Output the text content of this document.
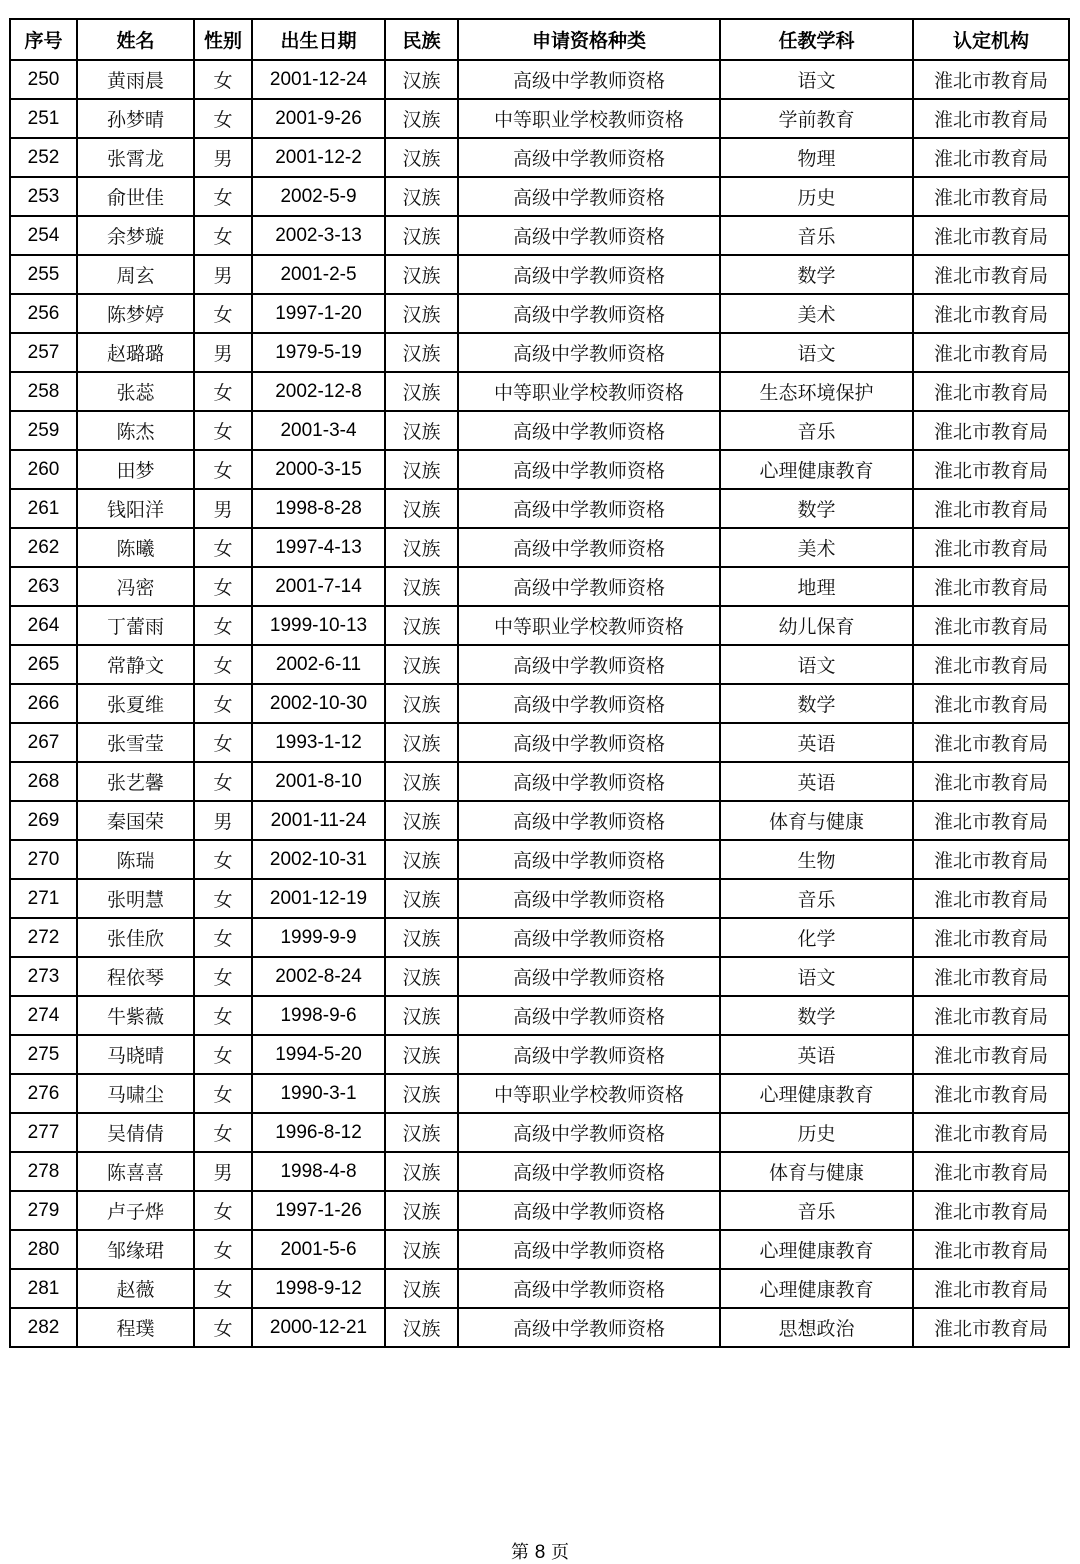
序号	姓名	性别	出生日期	民族	申请资格种类	任教学科	认定机构
250	黄雨晨	女	2001-12-24	汉族	高级中学教师资格	语文	淮北市教育局
251	孙梦晴	女	2001-9-26	汉族	中等职业学校教师资格	学前教育	淮北市教育局
252	张霄龙	男	2001-12-2	汉族	高级中学教师资格	物理	淮北市教育局
253	俞世佳	女	2002-5-9	汉族	高级中学教师资格	历史	淮北市教育局
254	余梦璇	女	2002-3-13	汉族	高级中学教师资格	音乐	淮北市教育局
255	周玄	男	2001-2-5	汉族	高级中学教师资格	数学	淮北市教育局
256	陈梦婷	女	1997-1-20	汉族	高级中学教师资格	美术	淮北市教育局
257	赵璐璐	男	1979-5-19	汉族	高级中学教师资格	语文	淮北市教育局
258	张蕊	女	2002-12-8	汉族	中等职业学校教师资格	生态环境保护	淮北市教育局
259	陈杰	女	2001-3-4	汉族	高级中学教师资格	音乐	淮北市教育局
260	田梦	女	2000-3-15	汉族	高级中学教师资格	心理健康教育	淮北市教育局
261	钱阳洋	男	1998-8-28	汉族	高级中学教师资格	数学	淮北市教育局
262	陈曦	女	1997-4-13	汉族	高级中学教师资格	美术	淮北市教育局
263	冯密	女	2001-7-14	汉族	高级中学教师资格	地理	淮北市教育局
264	丁蕾雨	女	1999-10-13	汉族	中等职业学校教师资格	幼儿保育	淮北市教育局
265	常静文	女	2002-6-11	汉族	高级中学教师资格	语文	淮北市教育局
266	张夏维	女	2002-10-30	汉族	高级中学教师资格	数学	淮北市教育局
267	张雪莹	女	1993-1-12	汉族	高级中学教师资格	英语	淮北市教育局
268	张艺馨	女	2001-8-10	汉族	高级中学教师资格	英语	淮北市教育局
269	秦国荣	男	2001-11-24	汉族	高级中学教师资格	体育与健康	淮北市教育局
270	陈瑞	女	2002-10-31	汉族	高级中学教师资格	生物	淮北市教育局
271	张明慧	女	2001-12-19	汉族	高级中学教师资格	音乐	淮北市教育局
272	张佳欣	女	1999-9-9	汉族	高级中学教师资格	化学	淮北市教育局
273	程依琴	女	2002-8-24	汉族	高级中学教师资格	语文	淮北市教育局
274	牛紫薇	女	1998-9-6	汉族	高级中学教师资格	数学	淮北市教育局
275	马晓晴	女	1994-5-20	汉族	高级中学教师资格	英语	淮北市教育局
276	马啸尘	女	1990-3-1	汉族	中等职业学校教师资格	心理健康教育	淮北市教育局
277	吴倩倩	女	1996-8-12	汉族	高级中学教师资格	历史	淮北市教育局
278	陈喜喜	男	1998-4-8	汉族	高级中学教师资格	体育与健康	淮北市教育局
279	卢子烨	女	1997-1-26	汉族	高级中学教师资格	音乐	淮北市教育局
280	邹缘珺	女	2001-5-6	汉族	高级中学教师资格	心理健康教育	淮北市教育局
281	赵薇	女	1998-9-12	汉族	高级中学教师资格	心理健康教育	淮北市教育局
282	程璞	女	2000-12-21	汉族	高级中学教师资格	思想政治	淮北市教育局
第 8 页
